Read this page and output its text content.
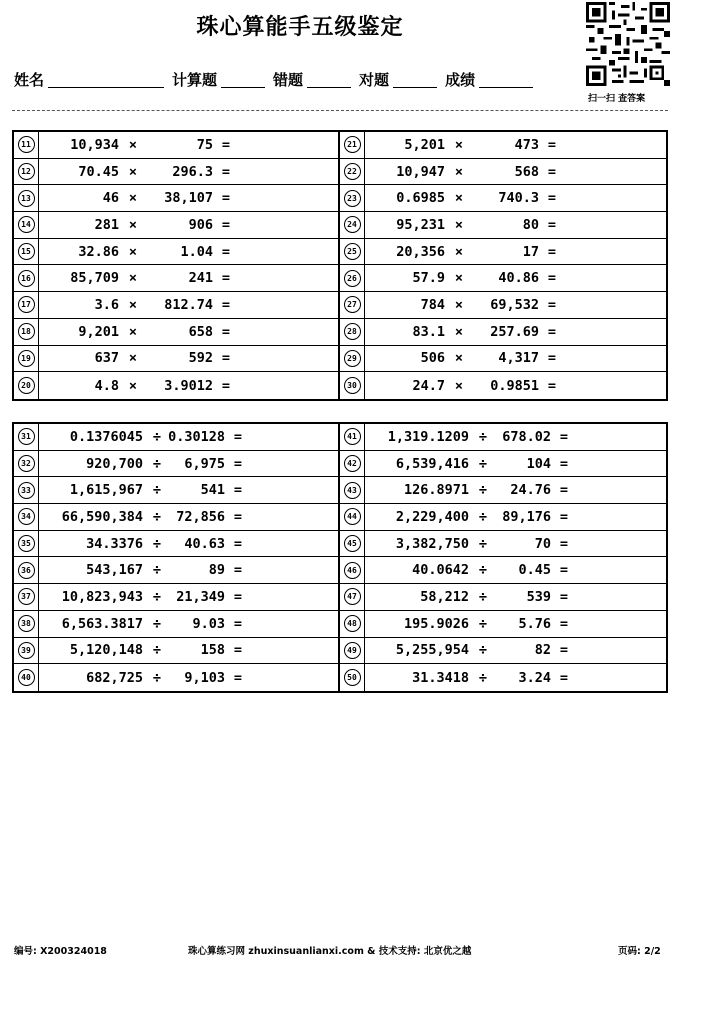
珠心算能手五级鉴定
姓名	计算题	错题	对题	成绩
扫一扫 查答案
11	10,934 ×	75 =	21	5,201 ×	473 =
12	70.45 ×	296.3 =	22	10,947 ×	568 =
13	46 ×	38,107 =	23	0.6985 ×	740.3 =
14	281 ×	906 =	24	95,231 ×	80 =
15	32.86 ×	1.04 =	25	20,356 ×	17 =
16	85,709 ×	241 =	26	57.9 ×	40.86 =
17	3.6 ×	812.74 =	27	784 ×	69,532 =
18	9,201 ×	658 =	28	83.1 ×	257.69 =
19	637 ×	592 =	29	506 ×	4,317 =
20	4.8 ×	3.9012 =	30	24.7 ×	0.9851 =
31	0.1376045 ÷ 0.30128 =	41	1,319.1209 ÷	678.02 =
32	920,700 ÷	6,975 =	42	6,539,416 ÷	104 =
33	1,615,967 ÷	541 =	43	126.8971 ÷	24.76 =
34	66,590,384 ÷	72,856 =	44	2,229,400 ÷	89,176 =
35	34.3376 ÷	40.63 =	45	3,382,750 ÷	70 =
36	543,167 ÷	89 =	46	40.0642 ÷	0.45 =
37	10,823,943 ÷	21,349 =	47	58,212 ÷	539 =
38	6,563.3817 ÷	9.03 =	48	195.9026 ÷	5.76 =
39	5,120,148 ÷	158 =	49	5,255,954 ÷	82 =
40	682,725 ÷	9,103 =	50	31.3418 ÷	3.24 =
编号: X200324018	珠心算练习网 zhuxinsuanlianxi.com & 技术支持: 北京优之越	页码: 2/2
